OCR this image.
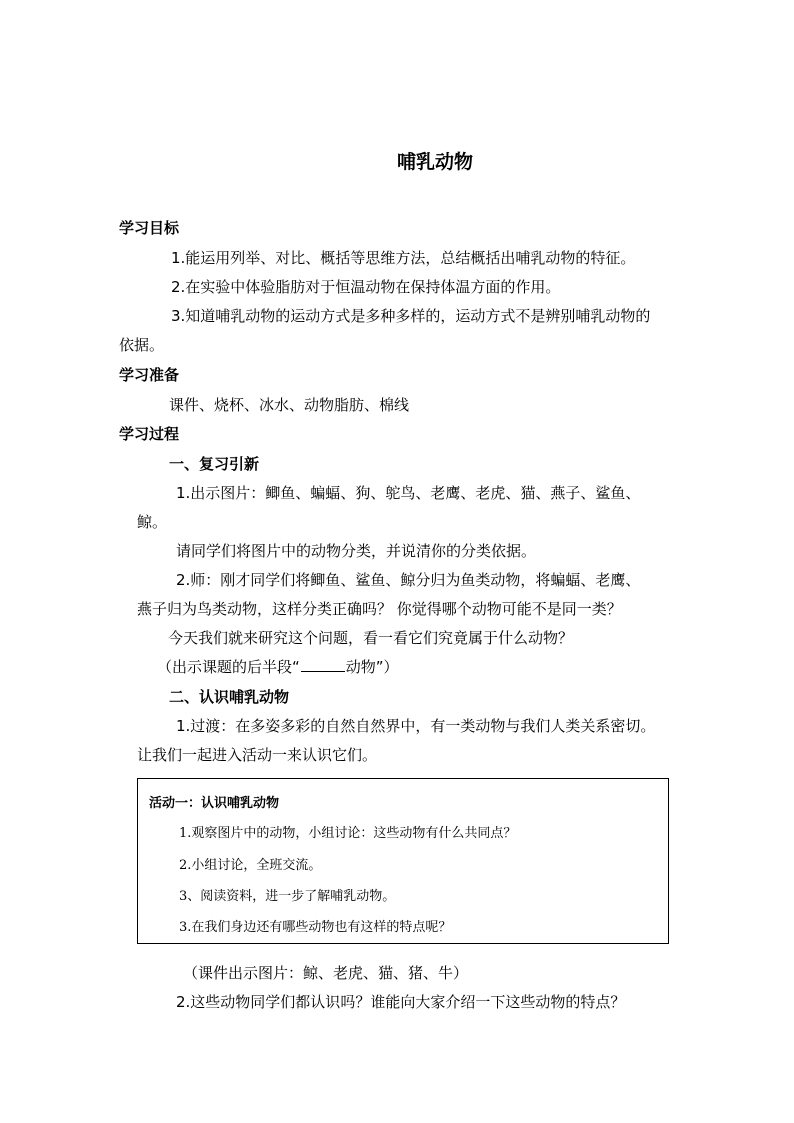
哺乳动物
学习目标
1.能运用列举、对比、概括等思维方法，总结概括出哺乳动物的特征。
2.在实验中体验脂肪对于恒温动物在保持体温方面的作用。
3.知道哺乳动物的运动方式是多种多样的，运动方式不是辨别哺乳动物的
依据。
学习准备
课件、烧杯、冰水、动物脂肪、棉线
学习过程
一、复习引新
1.出示图片：鲫鱼、蝙蝠、狗、鸵鸟、老鹰、老虎、猫、燕子、鲨鱼、
鲸。
请同学们将图片中的动物分类，并说清你的分类依据。
2.师：刚才同学们将鲫鱼、鲨鱼、鲸分归为鱼类动物，将蝙蝠、老鹰、
燕子归为鸟类动物，这样分类正确吗？ 你觉得哪个动物可能不是同一类？
今天我们就来研究这个问题，看一看它们究竟属于什么动物？
（出示课题的后半段“	动物”）
二、认识哺乳动物
1.过渡：在多姿多彩的自然自然界中，有一类动物与我们人类关系密切。
让我们一起进入活动一来认识它们。
活动一：认识哺乳动物
1.观察图片中的动物，小组讨论：这些动物有什么共同点？
2.小组讨论，全班交流。
3、阅读资料，进一步了解哺乳动物。
3.在我们身边还有哪些动物也有这样的特点呢？
（课件出示图片：鲸、老虎、猫、猪、牛）
2.这些动物同学们都认识吗？谁能向大家介绍一下这些动物的特点？
